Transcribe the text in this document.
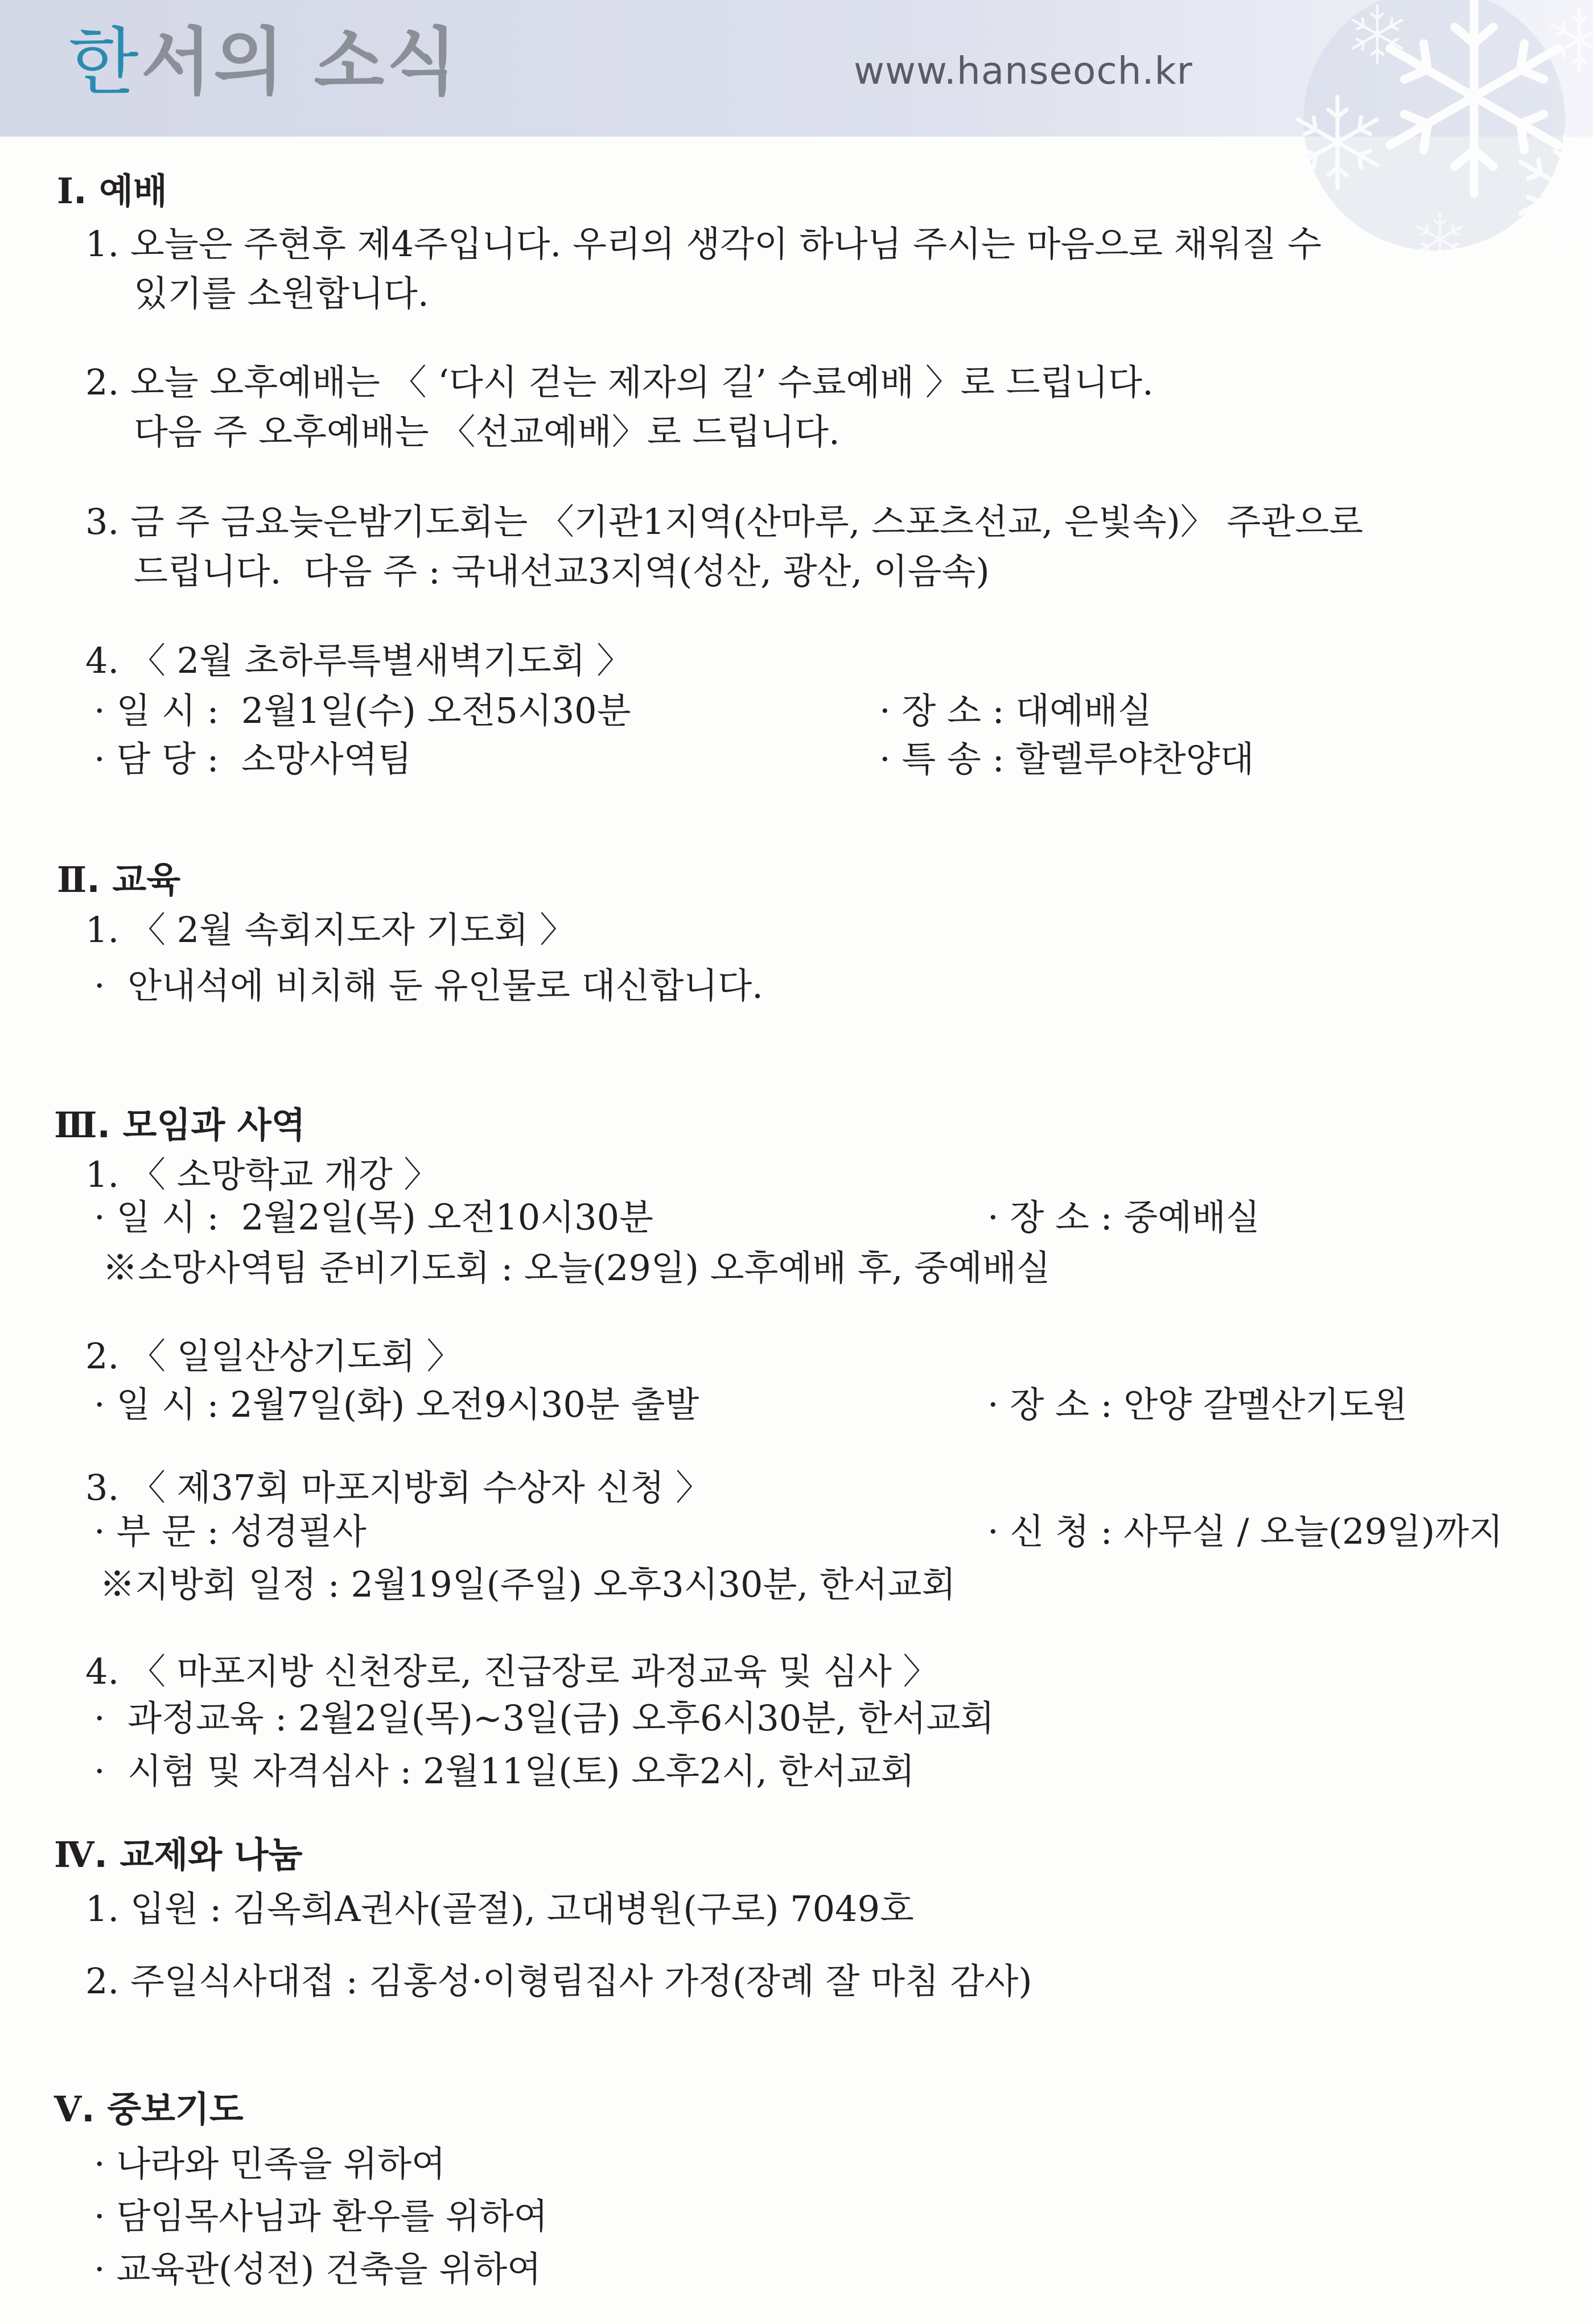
한서의 소식	www.hanseoch.kr
Ⅰ. 예배
1. 오늘은 주현후 제4주입니다. 우리의 생각이 하나님 주시는 마음으로 채워질 수
있기를 소원합니다.
2. 오늘 오후예배는 〈 ‘다시 걷는 제자의 길’ 수료예배 〉로 드립니다.
다음 주 오후예배는 〈선교예배〉로 드립니다.
3. 금 주 금요늦은밤기도회는 〈기관1지역(산마루, 스포츠선교, 은빛속)〉 주관으로
드립니다.  다음 주 : 국내선교3지역(성산, 광산, 이음속)
4. 〈 2월 초하루특별새벽기도회 〉
· 일 시 :  2월1일(수) 오전5시30분	· 장 소 : 대예배실
· 담 당 :  소망사역팀	· 특 송 : 할렐루야찬양대
Ⅱ. 교육
1. 〈 2월 속회지도자 기도회 〉
·  안내석에 비치해 둔 유인물로 대신합니다.
Ⅲ. 모임과 사역
1. 〈 소망학교 개강 〉
· 일 시 :  2월2일(목) 오전10시30분	· 장 소 : 중예배실
※소망사역팀 준비기도회 : 오늘(29일) 오후예배 후, 중예배실
2. 〈 일일산상기도회 〉
· 일 시 : 2월7일(화) 오전9시30분 출발	· 장 소 : 안양 갈멜산기도원
3. 〈 제37회 마포지방회 수상자 신청 〉
· 부 문 : 성경필사	· 신 청 : 사무실 / 오늘(29일)까지
※지방회 일정 : 2월19일(주일) 오후3시30분, 한서교회
4. 〈 마포지방 신천장로, 진급장로 과정교육 및 심사 〉
·  과정교육 : 2월2일(목)~3일(금) 오후6시30분, 한서교회
·  시험 및 자격심사 : 2월11일(토) 오후2시, 한서교회
Ⅳ. 교제와 나눔
1. 입원 : 김옥희A권사(골절), 고대병원(구로) 7049호
2. 주일식사대접 : 김홍성·이형림집사 가정(장례 잘 마침 감사)
Ⅴ. 중보기도
· 나라와 민족을 위하여
· 담임목사님과 환우를 위하여
· 교육관(성전) 건축을 위하여
